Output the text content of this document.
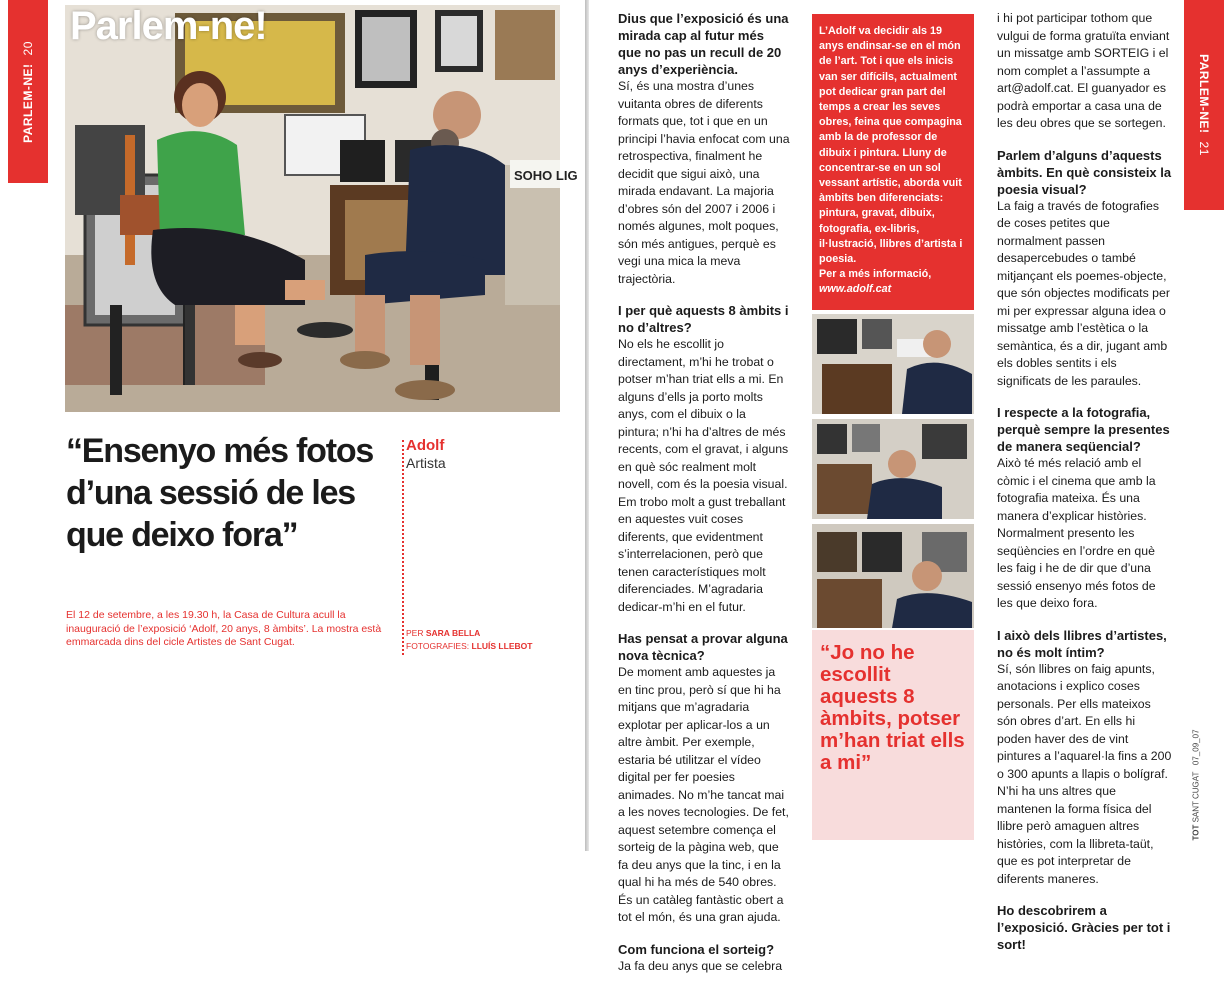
PARLEM-NE!20
SOHO LIG
Parlem-ne!
“Ensenyo més fotos d’una sessió de les que deixo fora”
Adolf
Artista

El 12 de setembre, a les 19.30 h, la Casa de Cultura acull la inauguració de l’exposició ‘Adolf, 20 anys, 8 àmbits’. La mostra està emmarcada dins del cicle Artistes de Sant Cugat.

PER SARA BELLA
FOTOGRAFIES: LLUÍS LLEBOT
PARLEM-NE!21
Dius que l’exposició és una mirada cap al futur més que no pas un recull de 20 anys d’experiència.

Sí, és una mostra d’unes vuitanta obres de diferents formats que, tot i que en un principi l’havia enfocat com una retrospectiva, finalment he decidit que sigui això, una mirada endavant. La majoria d’obres són del 2007 i 2006 i només algunes, molt poques, són més antigues, perquè es vegi una mica la meva trajectòria.

I per què aquests 8 àmbits i no d’altres?

No els he escollit jo directament, m’hi he trobat o potser m’han triat ells a mi. En alguns d’ells ja porto molts anys, com el dibuix o la pintura; n’hi ha d’altres de més recents, com el gravat, i alguns en què sóc realment molt novell, com és la poesia visual. Em trobo molt a gust treballant en aquestes vuit coses diferents, que evidentment s’interrelacionen, però que tenen característiques molt diferenciades. M’agradaria dedicar-m’hi en el futur.

Has pensat a provar alguna nova tècnica?

De moment amb aquestes ja en tinc prou, però sí que hi ha mitjans que m’agradaria explotar per aplicar-los a un altre àmbit. Per exemple, estaria bé utilitzar el vídeo digital per fer poesies animades. No m’he tancat mai a les noves tecnologies. De fet, aquest setembre comença el sorteig de la pàgina web, que fa deu anys que la tinc, i en la qual hi ha més de 540 obres. És un catàleg fantàstic obert a tot el món, és una gran ajuda.

Com funciona el sorteig?

Ja fa deu anys que se celebra

L’Adolf va decidir als 19 anys endinsar-se en el món de l’art. Tot i que els inicis van ser difícils, actualment pot dedicar gran part del temps a crear les seves obres, feina que compagina amb la de professor de dibuix i pintura. Lluny de concentrar-se en un sol vessant artístic, aborda vuit àmbits ben diferenciats: pintura, gravat, dibuix, fotografia, ex-libris, il·lustració, llibres d’artista i poesia.
Per a més informació,
www.adolf.cat
“Jo no he escollit aquests 8 àmbits, potser m’han triat ells a mi”

i hi pot participar tothom que vulgui de forma gratuïta enviant un missatge amb SORTEIG i el nom complet a l’assumpte a art@adolf.cat. El guanyador es podrà emportar a casa una de les deu obres que se sortegen.

Parlem d’alguns d’aquests àmbits. En què consisteix la poesia visual?

La faig a través de fotografies de coses petites que normalment passen desapercebudes o també mitjançant els poemes-objecte, que són objectes modificats per mi per expressar alguna idea o missatge amb l’estètica o la semàntica, és a dir, jugant amb els dobles sentits i els significats de les paraules.

I respecte a la fotografia, perquè sempre la presentes de manera seqüencial?

Això té més relació amb el còmic i el cinema que amb la fotografia mateixa. És una manera d’explicar històries. Normalment presento les seqüències en l’ordre en què les faig i he de dir que d’una sessió ensenyo més fotos de les que deixo fora.

I això dels llibres d’artistes, no és molt íntim?

Sí, són llibres on faig apunts, anotacions i explico coses personals. Per ells mateixos són obres d’art. En ells hi poden haver des de vint pintures a l’aquarel·la fins a 200 o 300 apunts a llapis o bolígraf. N’hi ha uns altres que mantenen la forma física del llibre però amaguen altres històries, com la llibreta-taüt, que es pot interpretar de diferents maneres.

Ho descobrirem a l’exposició. Gràcies per tot i sort!
TOT SANT CUGAT   07_09_07
